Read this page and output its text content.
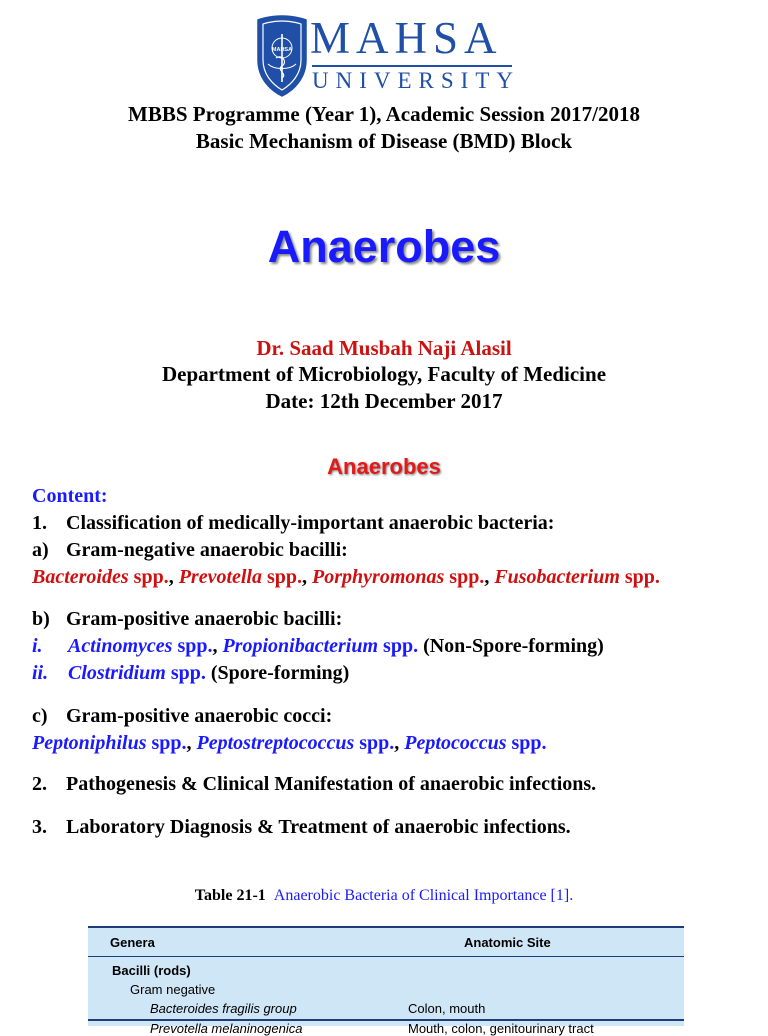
MAHSA MAHSA
UNIVERSITY
MBBS Programme (Year 1), Academic Session 2017/2018
Basic Mechanism of Disease (BMD) Block
Anaerobes
Dr. Saad Musbah Naji Alasil
Department of Microbiology, Faculty of Medicine
Date: 12th December 2017
Anaerobes
Content:
1. Classification of medically-important anaerobic bacteria:
a) Gram-negative anaerobic bacilli:
Bacteroides spp., Prevotella spp., Porphyromonas spp., Fusobacterium spp.
b) Gram-positive anaerobic bacilli:
i. Actinomyces spp., Propionibacterium spp. (Non-Spore-forming)
ii. Clostridium spp. (Spore-forming)
c) Gram-positive anaerobic cocci:
Peptoniphilus spp., Peptostreptococcus spp., Peptococcus spp.
2. Pathogenesis & Clinical Manifestation of anaerobic infections.
3. Laboratory Diagnosis & Treatment of anaerobic infections.
Table 21-1 Anaerobic Bacteria of Clinical Importance [1].
Genera	Anatomic Site
Bacilli (rods)
Gram negative
Bacteroides fragilis group	Colon, mouth
Prevotella melaninogenica	Mouth, colon, genitourinary tract
